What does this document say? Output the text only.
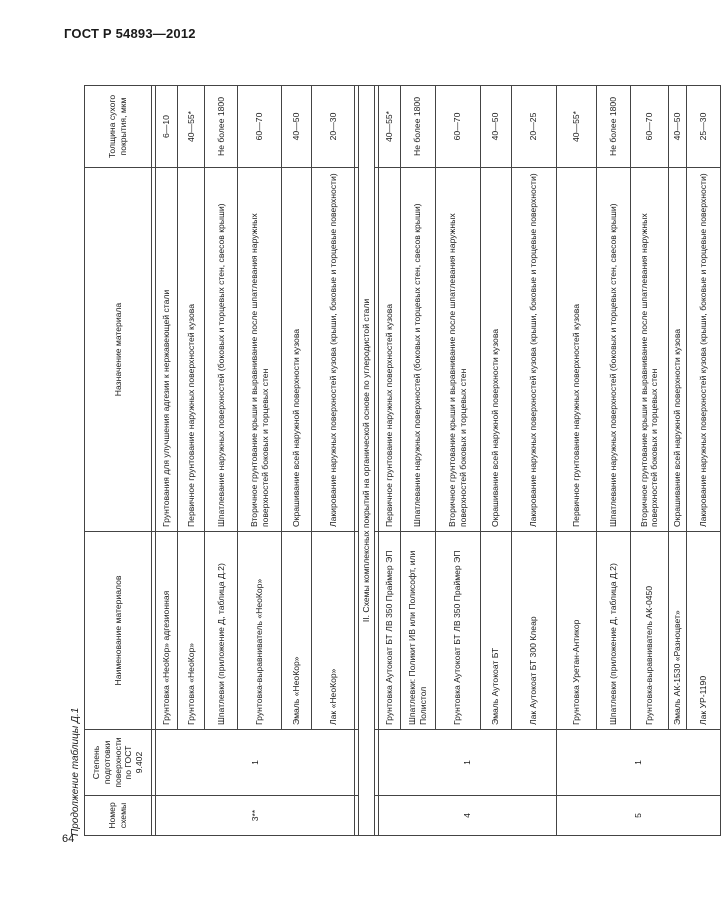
ГОСТ Р 54893—2012
64
Продолжение таблицы Д.1	Номер схемы	Степень подготовки поверхности по ГОСТ 9.402	Наименование материалов	Назначение материала	Толщина сухого покрытия, мкм

3**	1	Грунтовка «НеоКор» адгезионная	Грунтования для улучшения адгезии к нержавеющей стали	6—10
		Грунтовка «НеоКор»	Первичное грунтование наружных поверхностей кузова	40—55*
		Шпатлевки (приложение Д, таблица Д.2)	Шпатлевание наружных поверхностей (боковых и торцевых стен, свесов крыши)	Не более 1800
		Грунтовка-выравниватель «НеоКор»	Вторичное грунтование крыши и выравнивание после шпатлевания наружных поверхностей боковых и торцевых стен	60—70
		Эмаль «НеоКор»	Окрашивание всей наружной поверхности кузова	40—50
		Лак «НеоКор»	Лакирование наружных поверхностей кузова (крыши, боковые и торцевые поверхности)	20—30

II. Схемы комплексных покрытий на органической основе по углеродистой стали				

4	1	Грунтовка Аутокоат БТ ЛВ 350 Праймер ЭП	Первичное грунтование наружных поверхностей кузова	40—55*
		Шпатлевки: Поликит ИВ или Полисофт, или Полистол	Шпатлевание наружных поверхностей (боковых и торцевых стен, свесов крыши)	Не более 1800
		Грунтовка Аутокоат БТ ЛВ 350 Праймер ЭП	Вторичное грунтование крыши и выравнивание после шпатлевания наружных поверхностей боковых и торцевых стен	60—70
		Эмаль Аутокоат БТ	Окрашивание всей наружной поверхности кузова	40—50
		Лак Аутокоат БТ 300 Клеар	Лакирование наружных поверхностей кузова (крыши, боковые и торцевые поверхности)	20—25
5	1	Грунтовка Уретан-Антикор	Первичное грунтование наружных поверхностей кузова	40—55*
		Шпатлевки (приложение Д, таблица Д.2)	Шпатлевание наружных поверхностей (боковых и торцевых стен, свесов крыши)	Не более 1800
		Грунтовка-выравниватель АК-0450	Вторичное грунтование крыши и выравнивание после шпатлевания наружных поверхностей боковых и торцевых стен	60—70
		Эмаль АК-1530 «Разноцвет»	Окрашивание всей наружной поверхности кузова	40—50
		Лак УР-1190	Лакирование наружных поверхностей кузова (крыши, боковые и торцевые поверхности)	25—30
